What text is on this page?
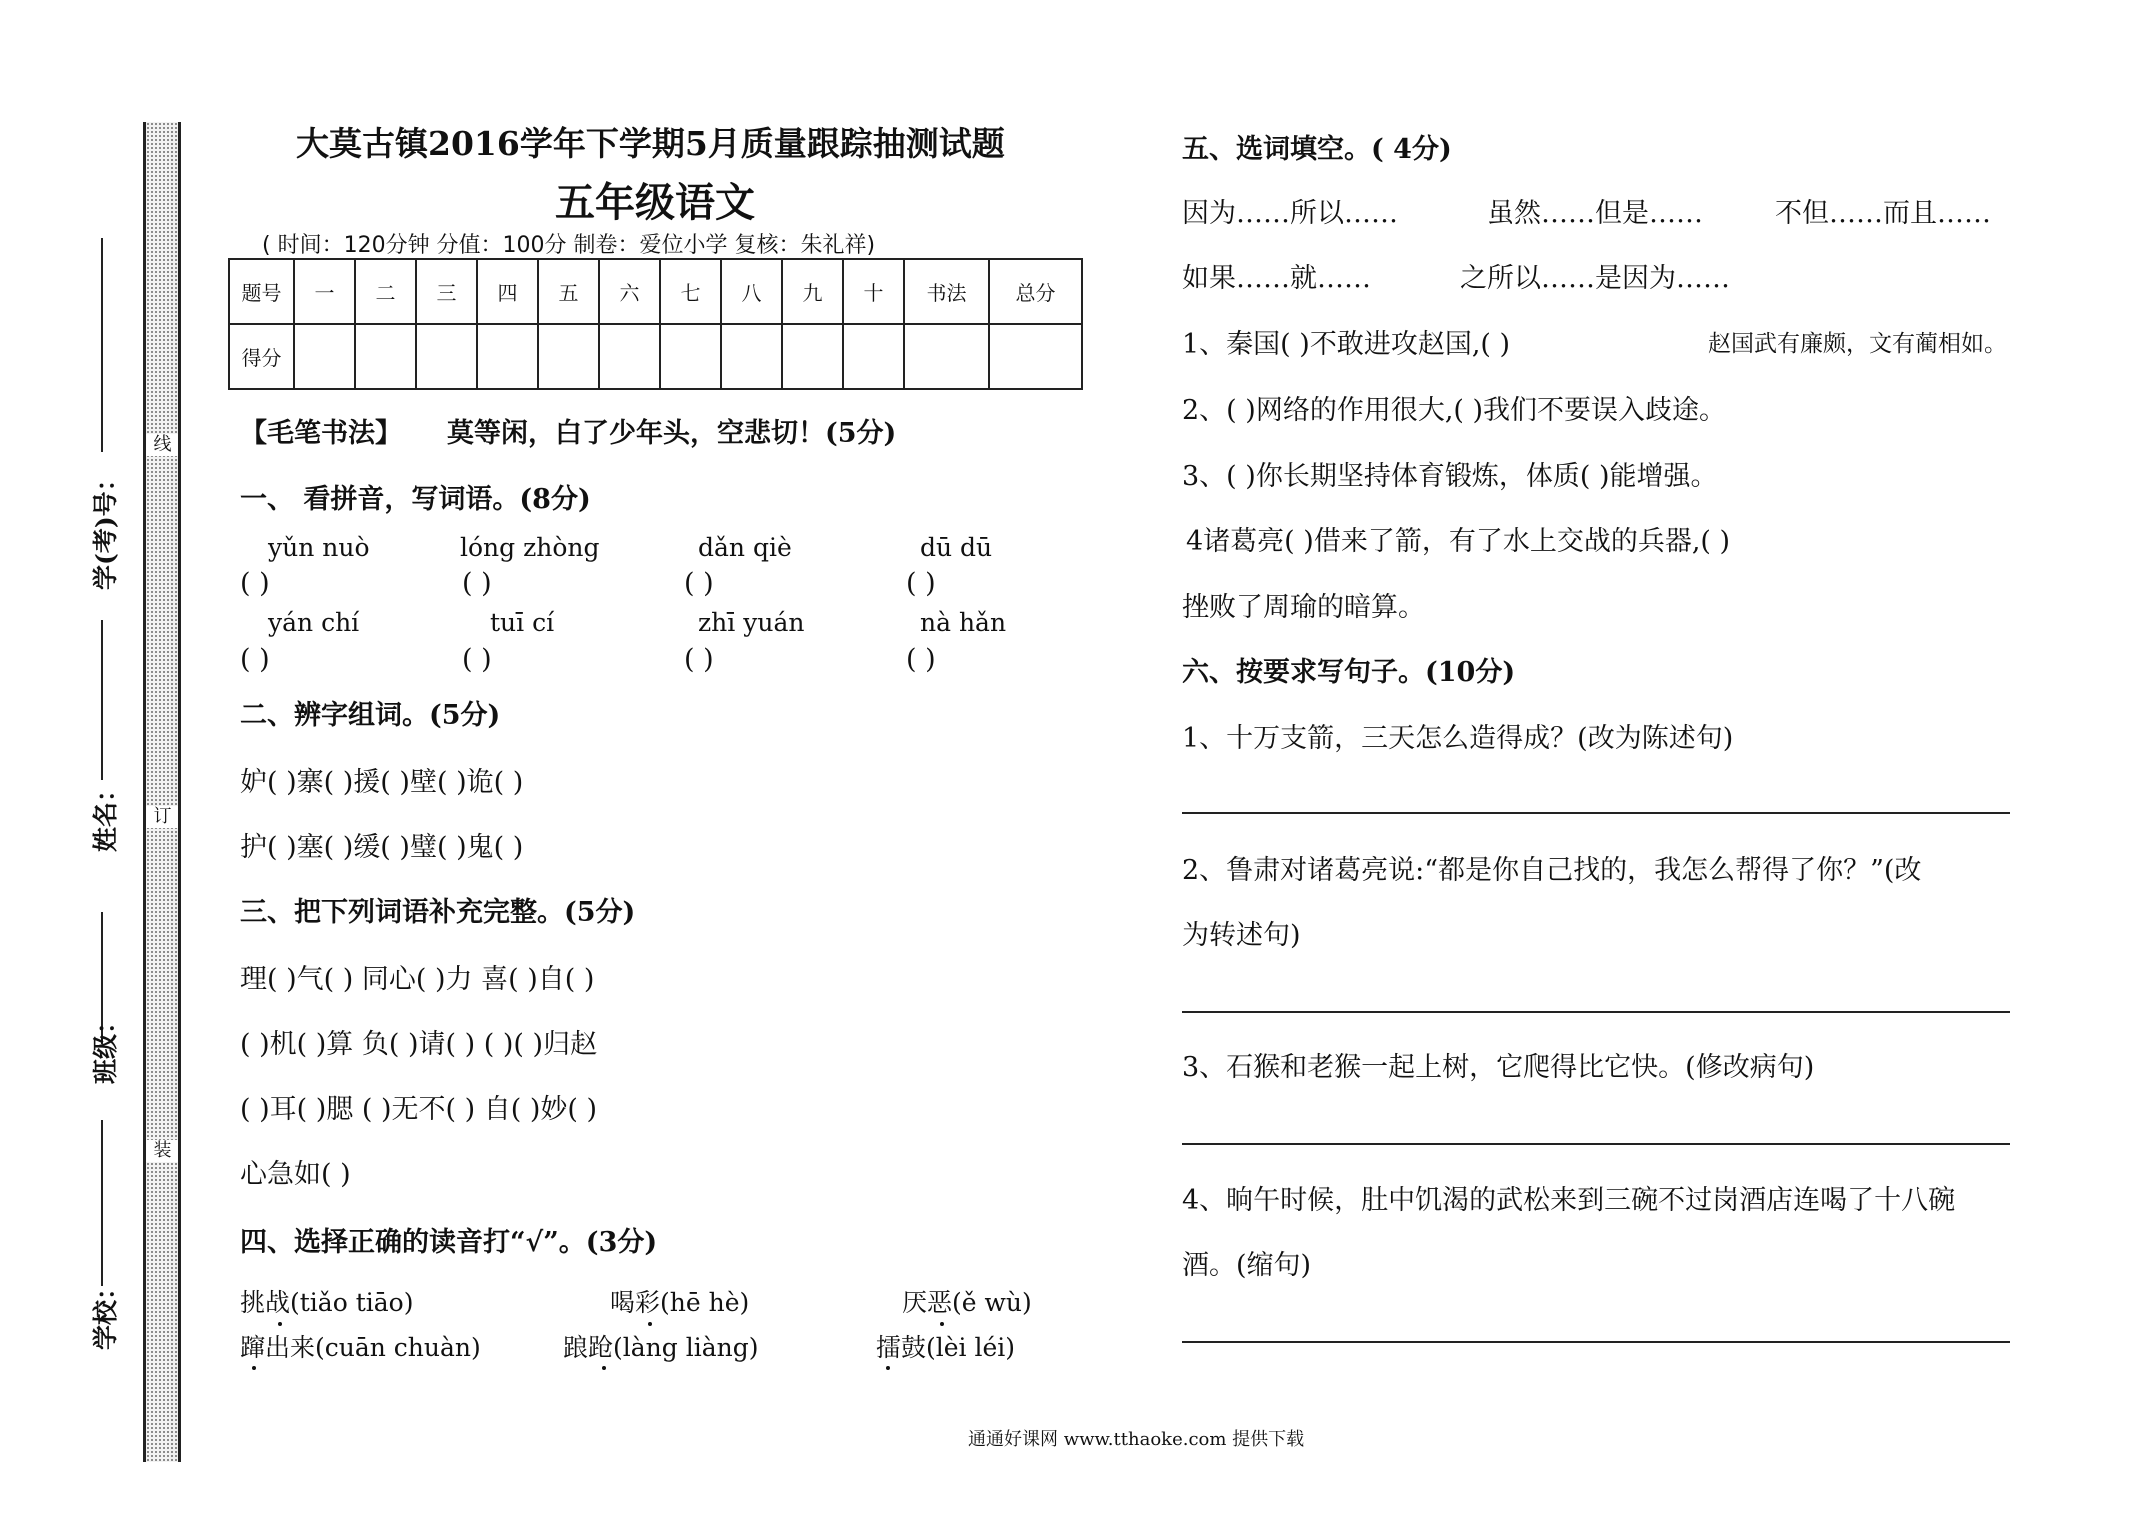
线
订
装
学(考)号：
姓名：
班级：
学校：
大莫古镇2016学年下学期5月质量跟踪抽测试题
五年级语文
( 时间：120分钟 分值：100分 制卷：爱位小学 复核：朱礼祥)
题号	一	二	三	四	五	六	七	八	九	十	书法	总分
得分												
【毛笔书法】 莫等闲，白了少年头，空悲切！(5分)
一、 看拼音，写词语。(8分)
yǔn nuò	lóng zhòng	dǎn qiè	dū dū
( )	( )	( )	( )
yán chí	tuī cí	zhī yuán	nà hǎn
( )	( )	( )	( )
二、辨字组词。(5分)
妒( )寨( )援( )壁( )诡( )
护( )塞( )缓( )璧( )鬼( )
三、把下列词语补充完整。(5分)
理( )气( ) 同心( )力 喜( )自( )
( )机( )算 负( )请( ) ( )( )归赵
( )耳( )腮 ( )无不( ) 自( )妙( )
心急如( )
四、选择正确的读音打“√”。(3分)
挑战(tiǎo tiāo)	喝彩(hē hè)	厌恶(ě wù)
蹿出来(cuān chuàn)	踉跄(làng liàng)	擂鼓(lèi léi)
五、选词填空。( 4分)
因为……所以……	虽然……但是……	不但……而且……
如果……就……	之所以……是因为……
1、秦国( )不敢进攻赵国,( )	赵国武有廉颇，文有蔺相如。
2、( )网络的作用很大,( )我们不要误入歧途。
3、( )你长期坚持体育锻炼，体质( )能增强。
4诸葛亮( )借来了箭，有了水上交战的兵器,( )
挫败了周瑜的暗算。
六、按要求写句子。(10分)
1、十万支箭，三天怎么造得成？(改为陈述句)
2、鲁肃对诸葛亮说:“都是你自己找的，我怎么帮得了你？”(改
为转述句)
3、石猴和老猴一起上树，它爬得比它快。(修改病句)
4、晌午时候，肚中饥渴的武松来到三碗不过岗酒店连喝了十八碗
酒。(缩句)
通通好课网 www.tthaoke.com 提供下载
